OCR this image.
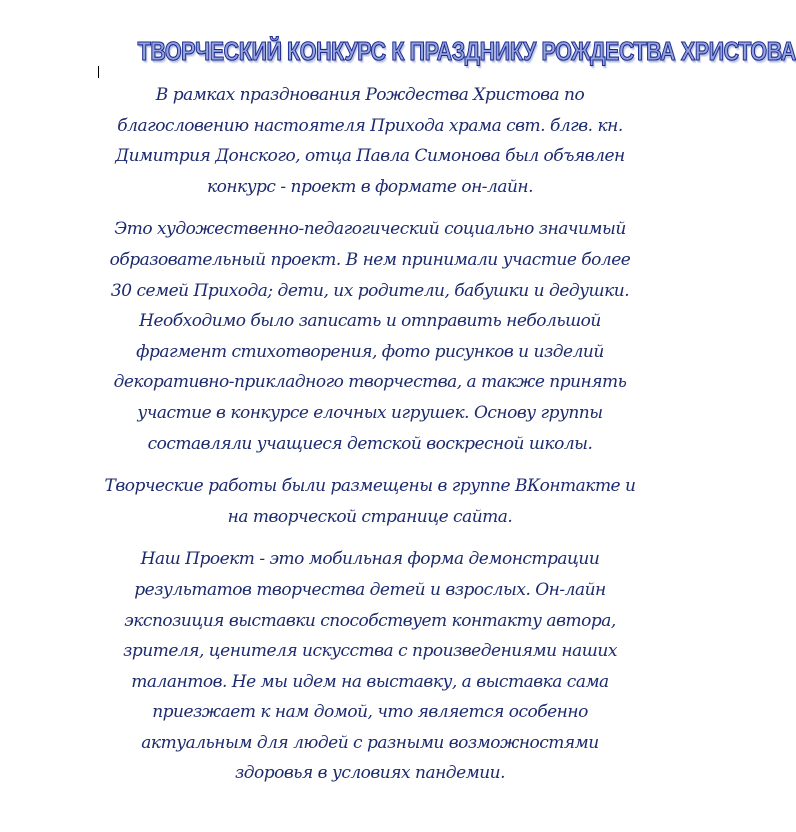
ТВОРЧЕСКИЙ КОНКУРС К ПРАЗДНИКУ РОЖДЕСТВА ХРИСТОВА

В рамках празднования Рождества Христова по благословению настоятеля Прихода храма свт. блгв. кн. Димитрия Донского, отца Павла Симонова был объявлен конкурс - проект в формате он-лайн.

Это художественно-педагогический социально значимый образовательный проект. В нем принимали участие более 30 семей Прихода; дети, их родители, бабушки и дедушки. Необходимо было записать и отправить небольшой фрагмент стихотворения, фото рисунков и изделий декоративно-прикладного творчества, а также принять участие в конкурсе елочных игрушек. Основу группы составляли учащиеся детской воскресной школы.

Творческие работы были размещены в группе ВКонтакте и на творческой странице сайта.

Наш Проект - это мобильная форма демонстрации результатов творчества детей и взрослых. Он-лайн экспозиция выставки способствует контакту автора, зрителя, ценителя искусства с произведениями наших талантов. Не мы идем на выставку, а выставка сама приезжает к нам домой, что является особенно актуальным для людей с разными возможностями здоровья в условиях пандемии.
